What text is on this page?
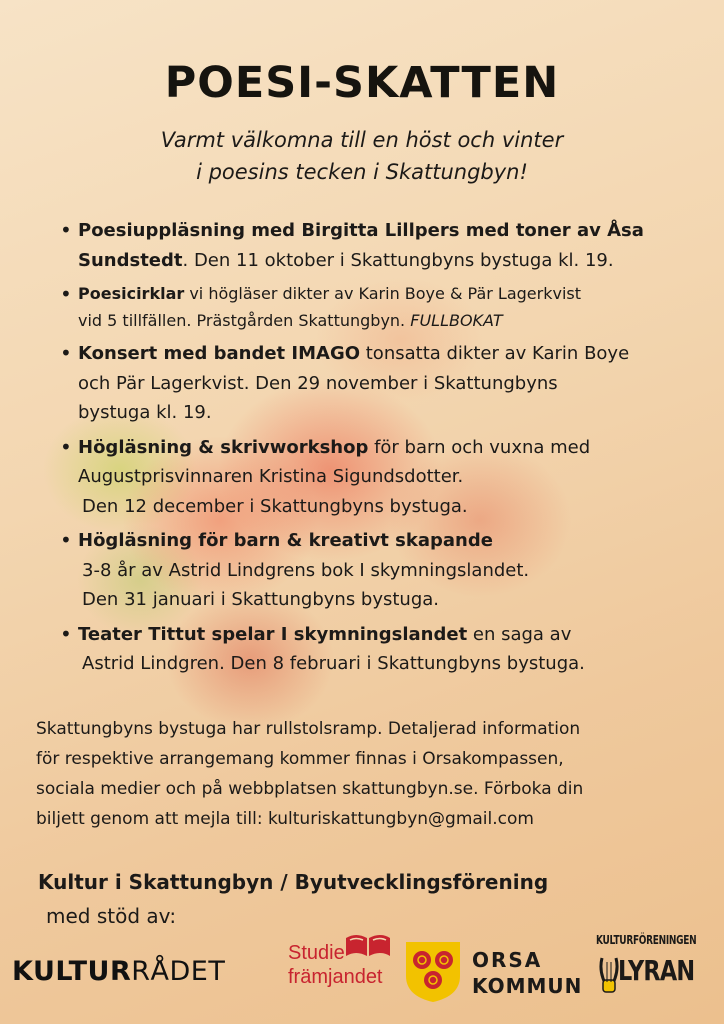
POESI-SKATTEN
Varmt välkomna till en höst och vinter
i poesins tecken i Skattungbyn!
• Poesiuppläsning med Birgitta Lillpers med toner av Åsa
Sundstedt. Den 11 oktober i Skattungbyns bystuga kl. 19.
• Poesicirklar vi högläser dikter av Karin Boye & Pär Lagerkvist
vid 5 tillfällen. Prästgården Skattungbyn. FULLBOKAT
• Konsert med bandet IMAGO tonsatta dikter av Karin Boye
och Pär Lagerkvist. Den 29 november i Skattungbyns
bystuga kl. 19.
• Högläsning & skrivworkshop för barn och vuxna med
Augustprisvinnaren Kristina Sigundsdotter.
Den 12 december i Skattungbyns bystuga.
• Högläsning för barn & kreativt skapande
3-8 år av Astrid Lindgrens bok I skymningslandet.
Den 31 januari i Skattungbyns bystuga.
• Teater Tittut spelar I skymningslandet en saga av
Astrid Lindgren. Den 8 februari i Skattungbyns bystuga.
Skattungbyns bystuga har rullstolsramp. Detaljerad information
för respektive arrangemang kommer finnas i Orsakompassen,
sociala medier och på webbplatsen skattungbyn.se. Förboka din
biljett genom att mejla till: kulturiskattungbyn@gmail.com
Kultur i Skattungbyn / Byutvecklingsförening
med stöd av:
KULTURRÅDET
Studie
främjandet
ORSA
KOMMUN
KULTURFÖRENINGEN
LYRAN
